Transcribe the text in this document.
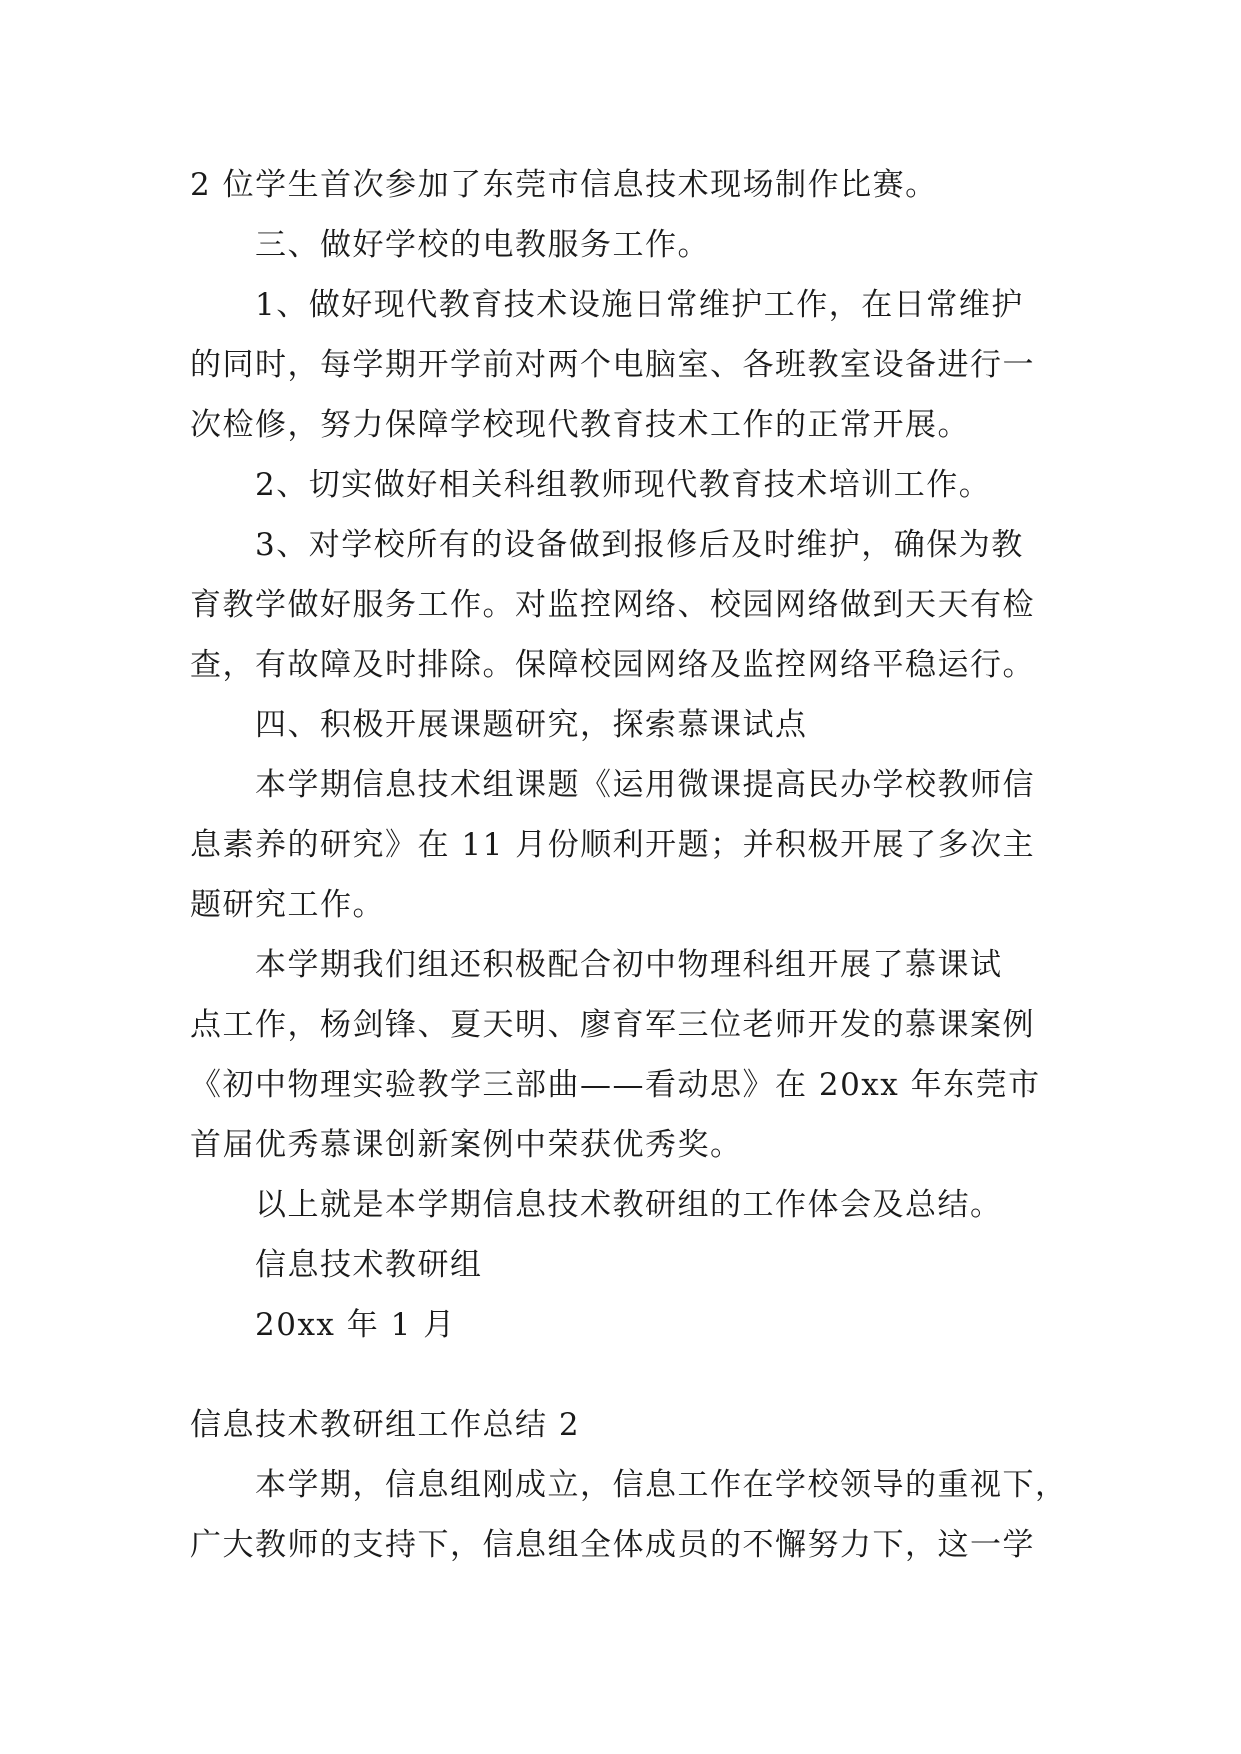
2 位学生首次参加了东莞市信息技术现场制作比赛。
三、做好学校的电教服务工作。
1、做好现代教育技术设施日常维护工作，在日常维护
的同时，每学期开学前对两个电脑室、各班教室设备进行一
次检修，努力保障学校现代教育技术工作的正常开展。
2、切实做好相关科组教师现代教育技术培训工作。
3、对学校所有的设备做到报修后及时维护，确保为教
育教学做好服务工作。对监控网络、校园网络做到天天有检
查，有故障及时排除。保障校园网络及监控网络平稳运行。
四、积极开展课题研究，探索慕课试点
本学期信息技术组课题《运用微课提高民办学校教师信
息素养的研究》在 11 月份顺利开题；并积极开展了多次主
题研究工作。
本学期我们组还积极配合初中物理科组开展了慕课试
点工作，杨剑锋、夏天明、廖育军三位老师开发的慕课案例
《初中物理实验教学三部曲——看动思》在 20xx 年东莞市
首届优秀慕课创新案例中荣获优秀奖。
以上就是本学期信息技术教研组的工作体会及总结。
信息技术教研组
20xx 年 1 月
信息技术教研组工作总结 2
本学期，信息组刚成立，信息工作在学校领导的重视下，
广大教师的支持下，信息组全体成员的不懈努力下，这一学
